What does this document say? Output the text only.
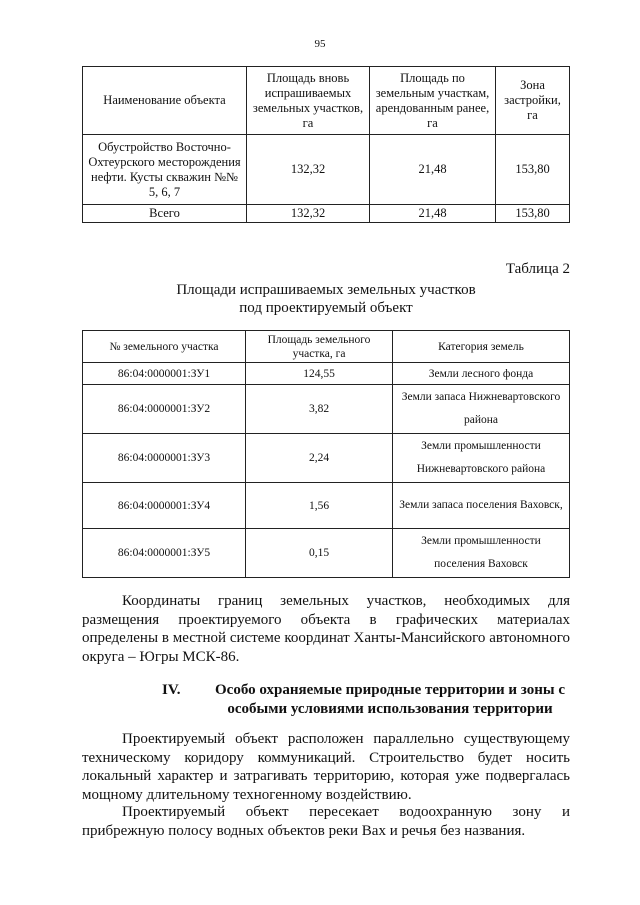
95
Наименование объекта	Площадь вновь испрашиваемых земельных участков, га	Площадь по земельным участкам, арендованным ранее, га	Зона застройки, га
Обустройство Восточно-Охтеурского месторождения нефти. Кусты скважин №№ 5, 6, 7	132,32	21,48	153,80
Всего	132,32	21,48	153,80
Таблица 2
Площади испрашиваемых земельных участков
под проектируемый объект
№ земельного участка	Площадь земельного участка, га	Категория земель
86:04:0000001:ЗУ1	124,55	Земли лесного фонда
86:04:0000001:ЗУ2	3,82	Земли запаса Нижневартовского района
86:04:0000001:ЗУ3	2,24	Земли промышленности Нижневартовского района
86:04:0000001:ЗУ4	1,56	Земли запаса поселения Ваховск,
86:04:0000001:ЗУ5	0,15	Земли промышленности поселения Ваховск

Координаты границ земельных участков, необходимых для размещения проектируемого объекта в графических материалах определены в местной системе координат Ханты-Мансийского автономного округа – Югры МСК-86.

IV.	Особо охраняемые природные территории и зоны с особыми условиями использования территории

Проектируемый объект расположен параллельно существующему техническому коридору коммуникаций. Строительство будет носить локальный характер и затрагивать территорию, которая уже подвергалась мощному длительному техногенному воздействию.

Проектируемый объект пересекает водоохранную зону и прибрежную полосу водных объектов реки Вах и речья без названия.
